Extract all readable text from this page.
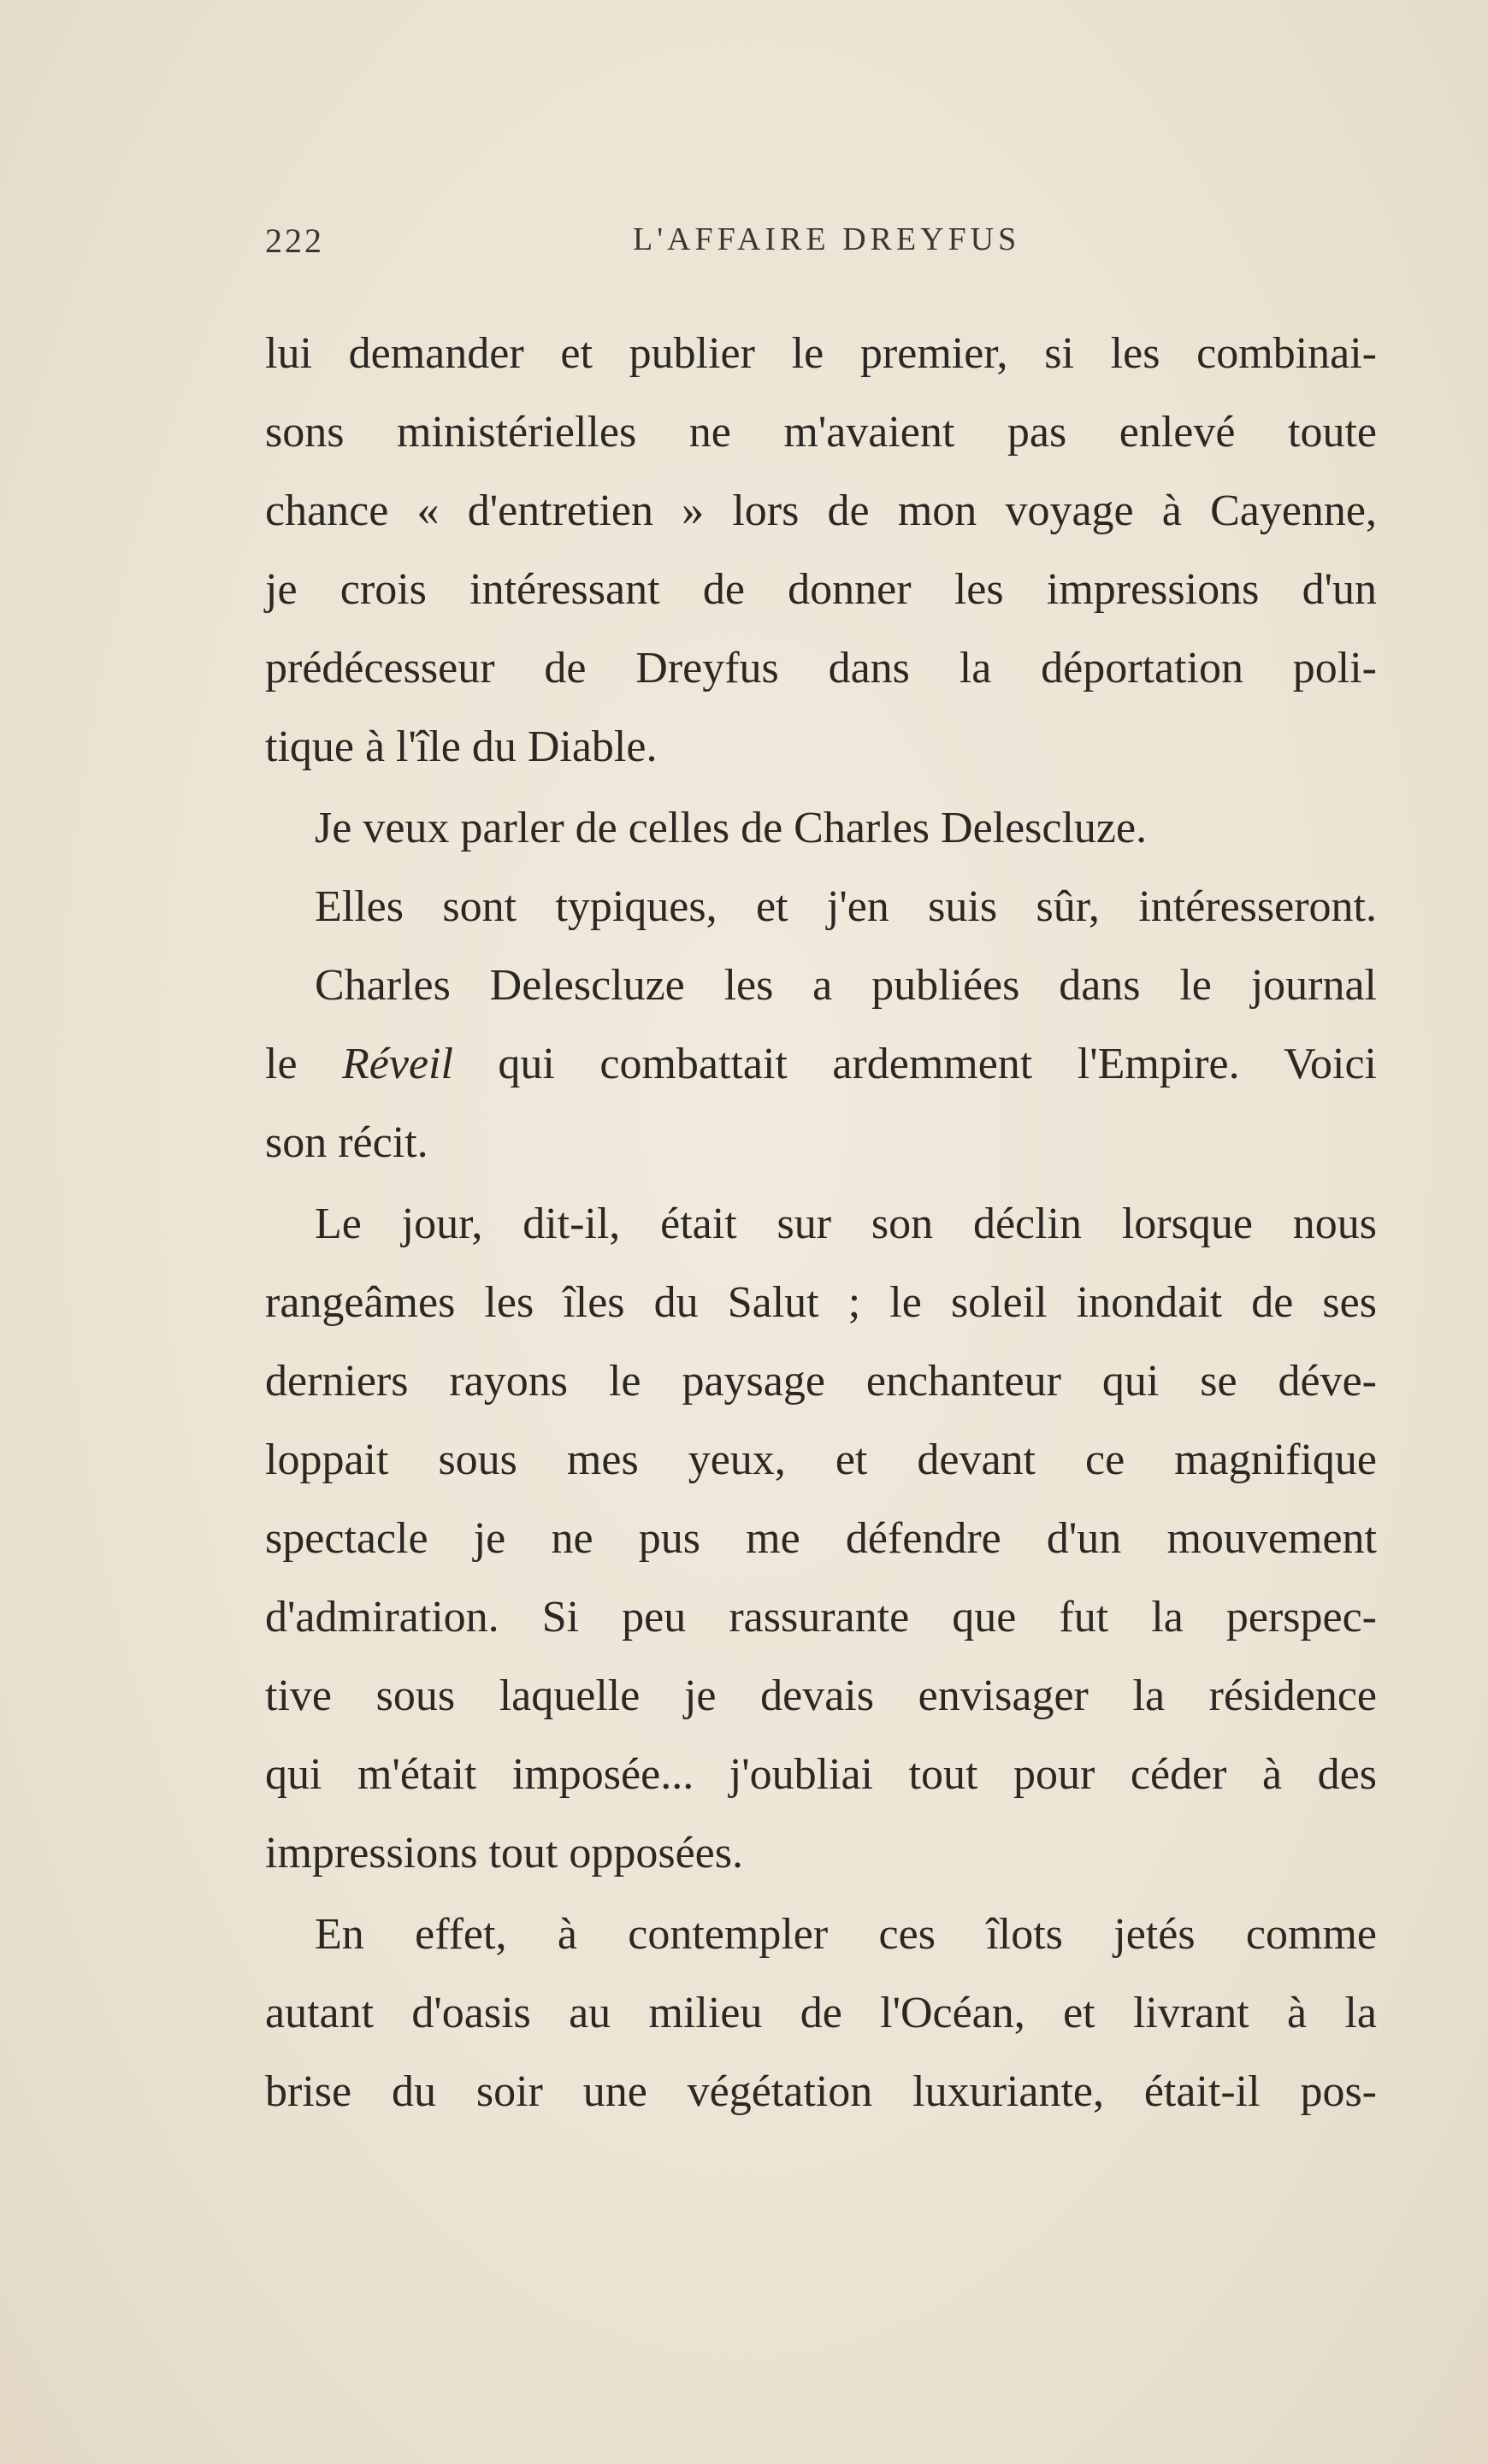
222	L'AFFAIRE DREYFUS
lui demander et publier le premier, si les combinai-
sons ministérielles ne m'avaient pas enlevé toute
chance « d'entretien » lors de mon voyage à Cayenne,
je crois intéressant de donner les impressions d'un
prédécesseur de Dreyfus dans la déportation poli-
tique à l'île du Diable.
Je veux parler de celles de Charles Delescluze.
Elles sont typiques, et j'en suis sûr, intéresseront.
Charles Delescluze les a publiées dans le journal
le Réveil qui combattait ardemment l'Empire. Voici
son récit.
Le jour, dit-il, était sur son déclin lorsque nous
rangeâmes les îles du Salut ; le soleil inondait de ses
derniers rayons le paysage enchanteur qui se déve-
loppait sous mes yeux, et devant ce magnifique
spectacle je ne pus me défendre d'un mouvement
d'admiration. Si peu rassurante que fut la perspec-
tive sous laquelle je devais envisager la résidence
qui m'était imposée... j'oubliai tout pour céder à des
impressions tout opposées.
En effet, à contempler ces îlots jetés comme
autant d'oasis au milieu de l'Océan, et livrant à la
brise du soir une végétation luxuriante, était-il pos-
